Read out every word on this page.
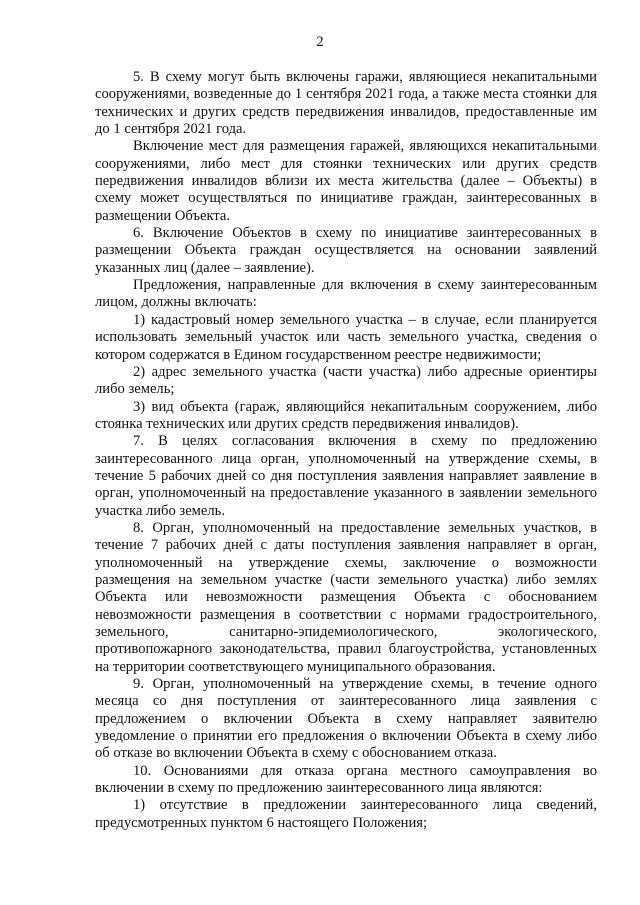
2

5. В схему могут быть включены гаражи, являющиеся некапитальными сооружениями, возведенные до 1 сентября 2021 года, а также места стоянки для технических и других средств передвижения инвалидов, предоставленные им до 1 сентября 2021 года.

Включение мест для размещения гаражей, являющихся некапитальными сооружениями, либо мест для стоянки технических или других средств передвижения инвалидов вблизи их места жительства (далее – Объекты) в схему может осуществляться по инициативе граждан, заинтересованных в размещении Объекта.

6. Включение Объектов в схему по инициативе заинтересованных в размещении Объекта граждан осуществляется на основании заявлений указанных лиц (далее – заявление).

Предложения, направленные для включения в схему заинтересованным лицом, должны включать:

1) кадастровый номер земельного участка – в случае, если планируется использовать земельный участок или часть земельного участка, сведения о котором содержатся в Едином государственном реестре недвижимости;

2) адрес земельного участка (части участка) либо адресные ориентиры либо земель;

3) вид объекта (гараж, являющийся некапитальным сооружением, либо стоянка технических или других средств передвижения инвалидов).

7. В целях согласования включения в схему по предложению заинтересованного лица орган, уполномоченный на утверждение схемы, в течение 5 рабочих дней со дня поступления заявления направляет заявление в орган, уполномоченный на предоставление указанного в заявлении земельного участка либо земель.

8. Орган, уполномоченный на предоставление земельных участков, в течение 7 рабочих дней с даты поступления заявления направляет в орган, уполномоченный на утверждение схемы, заключение о возможности размещения на земельном участке (части земельного участка) либо землях Объекта или невозможности размещения Объекта с обоснованием невозможности размещения в соответствии с нормами градостроительного, земельного, санитарно-эпидемиологического, экологического, противопожарного законодательства, правил благоустройства, установленных на территории соответствующего муниципального образования.

9. Орган, уполномоченный на утверждение схемы, в течение одного месяца со дня поступления от заинтересованного лица заявления с предложением о включении Объекта в схему направляет заявителю уведомление о принятии его предложения о включении Объекта в схему либо об отказе во включении Объекта в схему с обоснованием отказа.

10. Основаниями для отказа органа местного самоуправления во включении в схему по предложению заинтересованного лица являются:

1) отсутствие в предложении заинтересованного лица сведений, предусмотренных пунктом 6 настоящего Положения;
